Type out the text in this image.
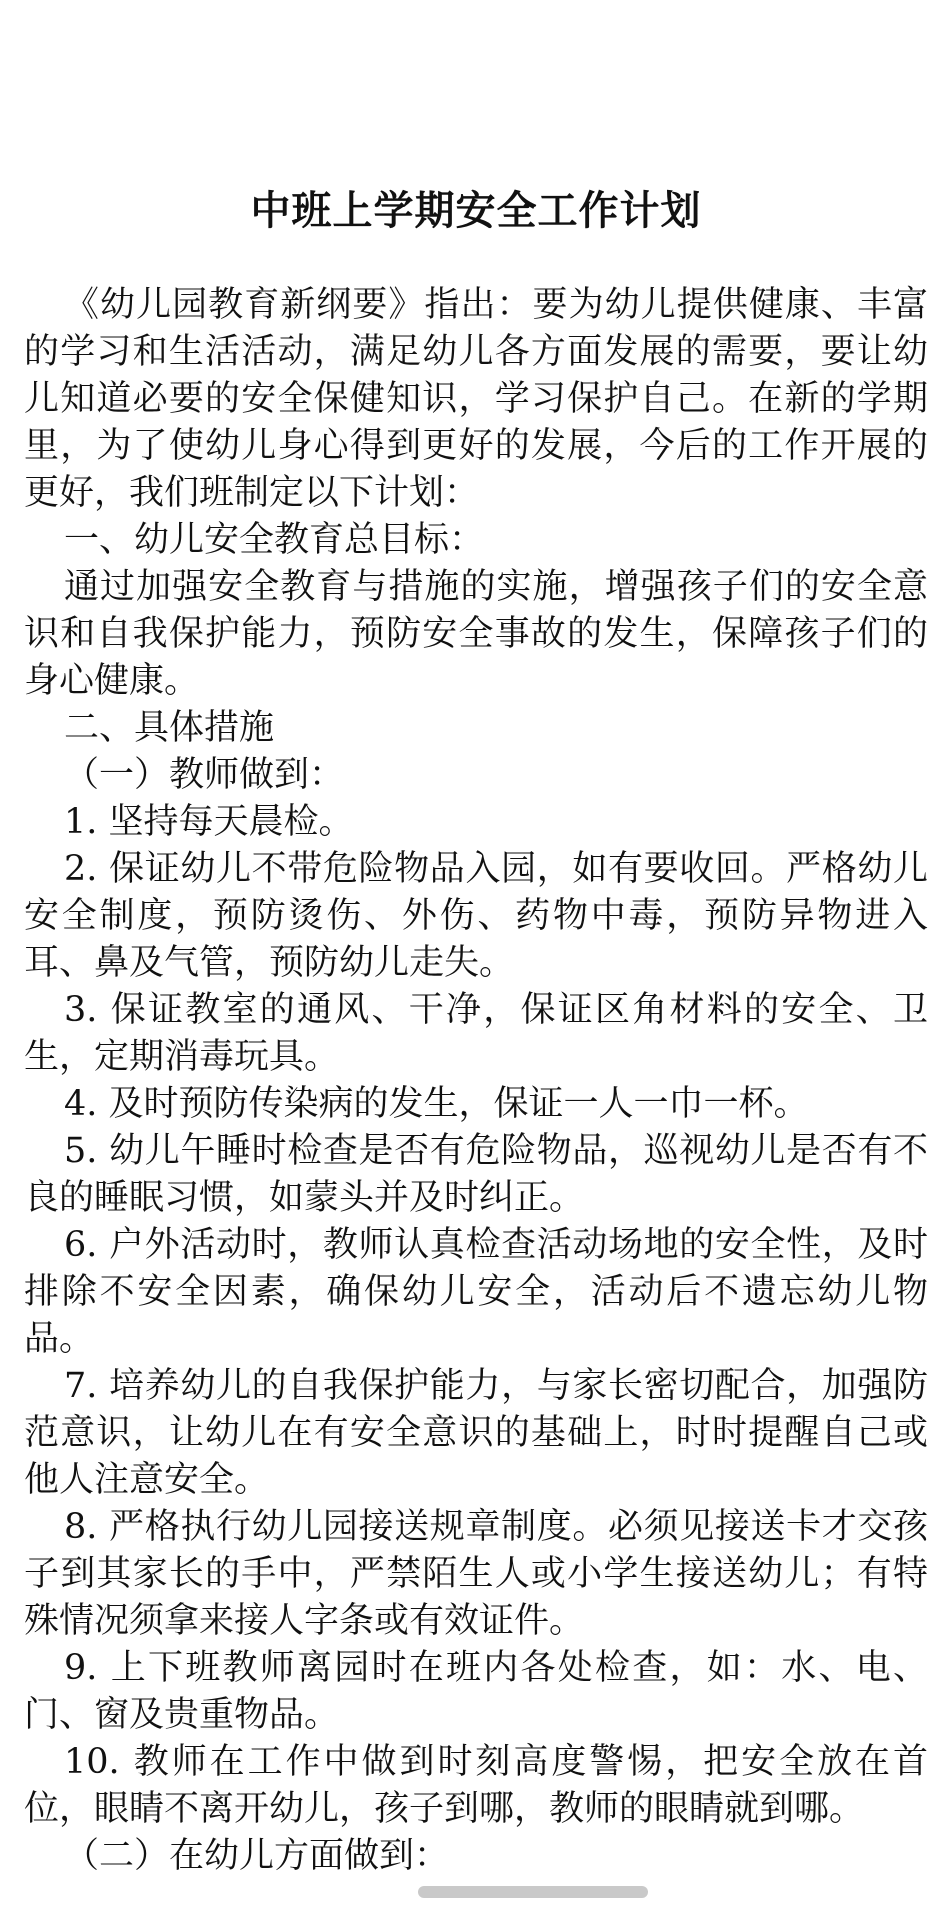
中班上学期安全工作计划

《幼儿园教育新纲要》指出：要为幼儿提供健康、丰富的学习和生活活动，满足幼儿各方面发展的需要，要让幼儿知道必要的安全保健知识，学习保护自己。在新的学期里，为了使幼儿身心得到更好的发展，今后的工作开展的更好，我们班制定以下计划：

一、幼儿安全教育总目标：

通过加强安全教育与措施的实施，增强孩子们的安全意识和自我保护能力，预防安全事故的发生，保障孩子们的身心健康。

二、具体措施

（一）教师做到：

1. 坚持每天晨检。

2. 保证幼儿不带危险物品入园，如有要收回。严格幼儿安全制度，预防烫伤、外伤、药物中毒，预防异物进入耳、鼻及气管，预防幼儿走失。

3. 保证教室的通风、干净，保证区角材料的安全、卫生，定期消毒玩具。

4. 及时预防传染病的发生，保证一人一巾一杯。

5. 幼儿午睡时检查是否有危险物品，巡视幼儿是否有不良的睡眠习惯，如蒙头并及时纠正。

6. 户外活动时，教师认真检查活动场地的安全性，及时排除不安全因素，确保幼儿安全，活动后不遗忘幼儿物品。

7. 培养幼儿的自我保护能力，与家长密切配合，加强防范意识，让幼儿在有安全意识的基础上，时时提醒自己或他人注意安全。

8. 严格执行幼儿园接送规章制度。必须见接送卡才交孩子到其家长的手中，严禁陌生人或小学生接送幼儿；有特殊情况须拿来接人字条或有效证件。

9. 上下班教师离园时在班内各处检查，如：水、电、门、窗及贵重物品。

10. 教师在工作中做到时刻高度警惕，把安全放在首位，眼睛不离开幼儿，孩子到哪，教师的眼睛就到哪。

（二）在幼儿方面做到：
